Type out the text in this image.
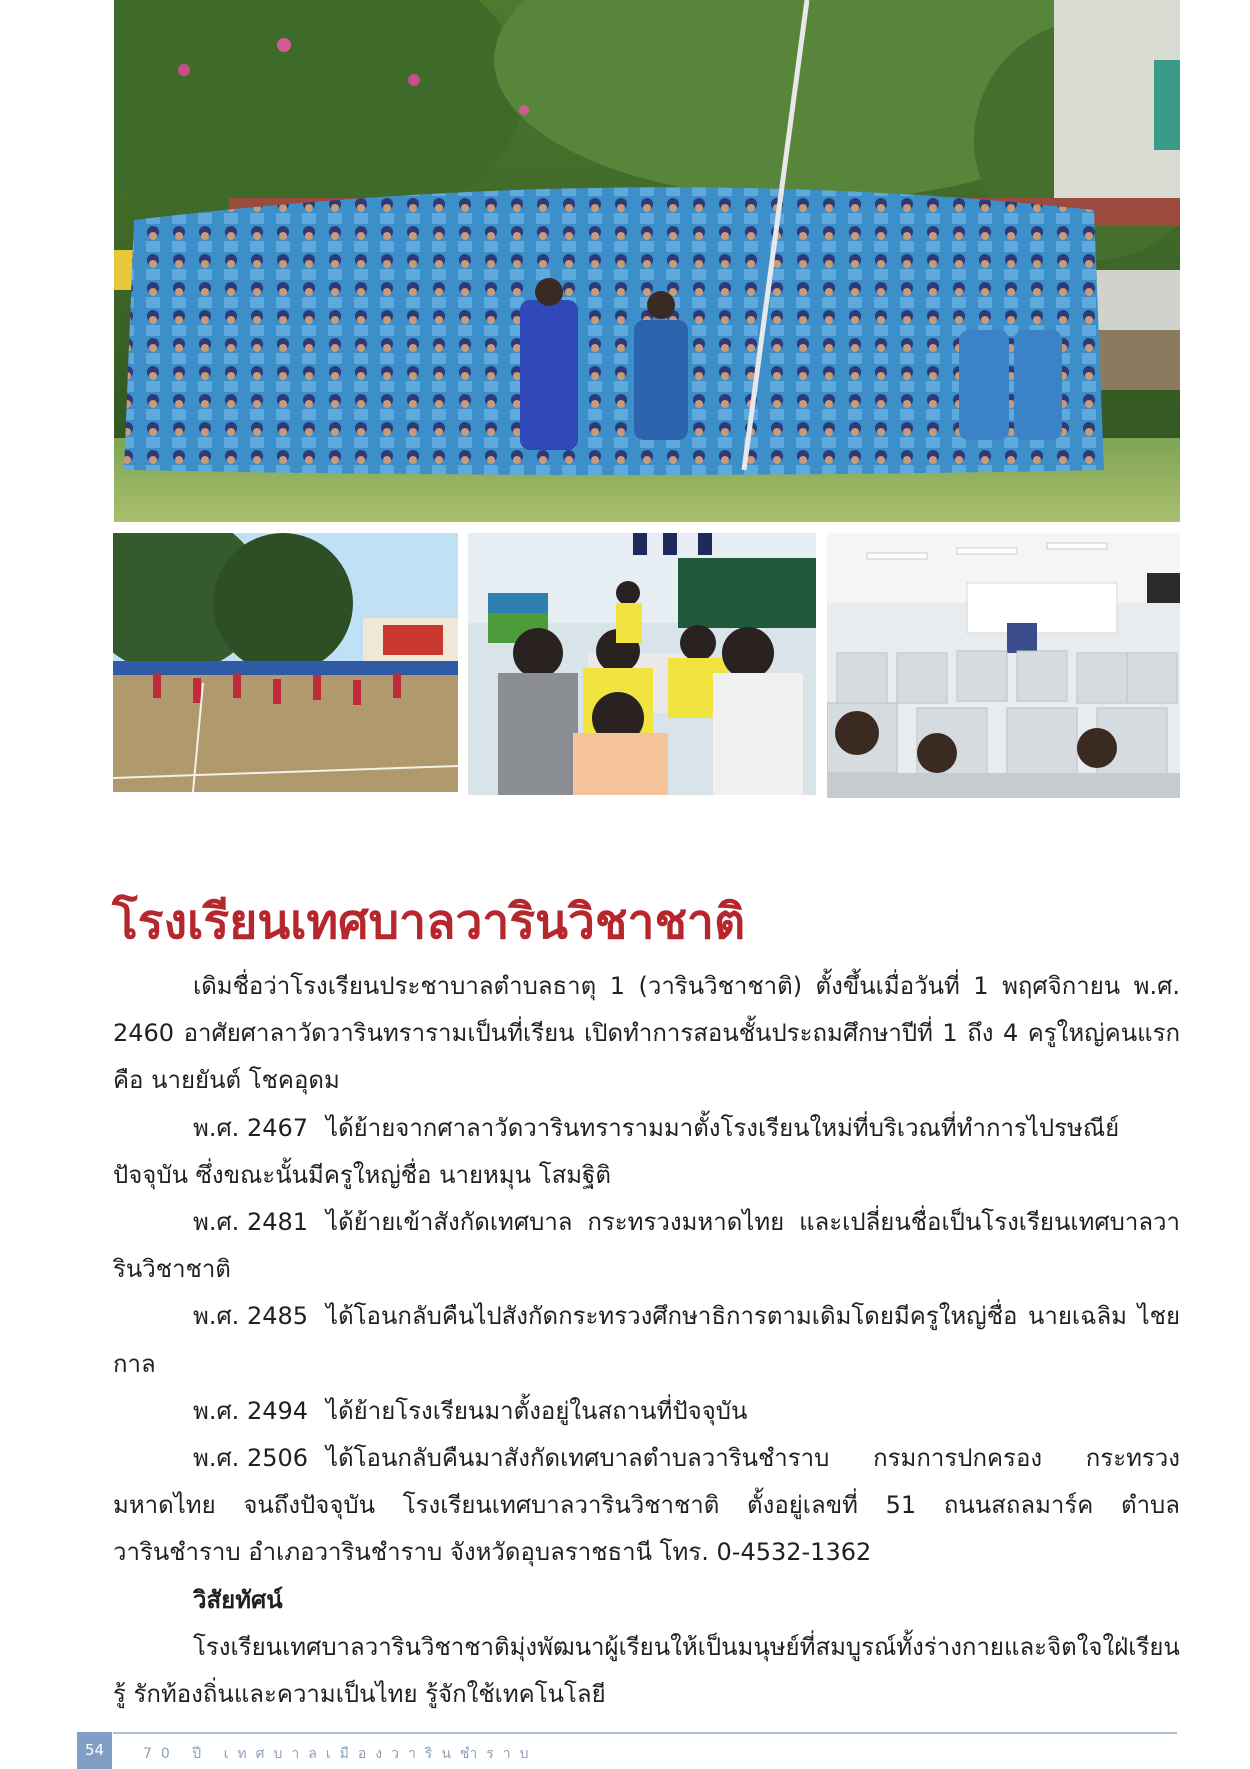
โรงเรียนเทศบาลวารินวิชาชาติ

เดิมชื่อว่าโรงเรียนประชาบาลตำบลธาตุ 1 (วารินวิชาชาติ) ตั้งขึ้นเมื่อวันที่ 1 พฤศจิกายน พ.ศ. 2460 อาศัยศาลาวัดวารินทรารามเป็นที่เรียน เปิดทำการสอนชั้นประถมศึกษาปีที่ 1 ถึง 4 ครูใหญ่คนแรกคือ นายยันต์ โชคอุดม

พ.ศ. 2467 ได้ย้ายจากศาลาวัดวารินทรารามมาตั้งโรงเรียนใหม่ที่บริเวณที่ทำการไปรษณีย์ปัจจุบัน ซึ่งขณะนั้นมีครูใหญ่ชื่อ นายหมุน โสมฐิติ

พ.ศ. 2481 ได้ย้ายเข้าสังกัดเทศบาล กระทรวงมหาดไทย และเปลี่ยนชื่อเป็นโรงเรียนเทศบาลวารินวิชาชาติ

พ.ศ. 2485 ได้โอนกลับคืนไปสังกัดกระทรวงศึกษาธิการตามเดิมโดยมีครูใหญ่ชื่อ นายเฉลิม ไชยกาล

พ.ศ. 2494 ได้ย้ายโรงเรียนมาตั้งอยู่ในสถานที่ปัจจุบัน

พ.ศ. 2506 ได้โอนกลับคืนมาสังกัดเทศบาลตำบลวารินชำราบ กรมการปกครอง กระทรวงมหาดไทย จนถึงปัจจุบัน โรงเรียนเทศบาลวารินวิชาชาติ ตั้งอยู่เลขที่ 51 ถนนสถลมาร์ค ตำบลวารินชำราบ อำเภอวารินชำราบ จังหวัดอุบลราชธานี โทร. 0-4532-1362

วิสัยทัศน์

โรงเรียนเทศบาลวารินวิชาชาติมุ่งพัฒนาผู้เรียนให้เป็นมนุษย์ที่สมบูรณ์ทั้งร่างกายและจิตใจใฝ่เรียนรู้ รักท้องถิ่นและความเป็นไทย รู้จักใช้เทคโนโลยี

54	70 ปี เทศบาลเมืองวารินชำราบ
